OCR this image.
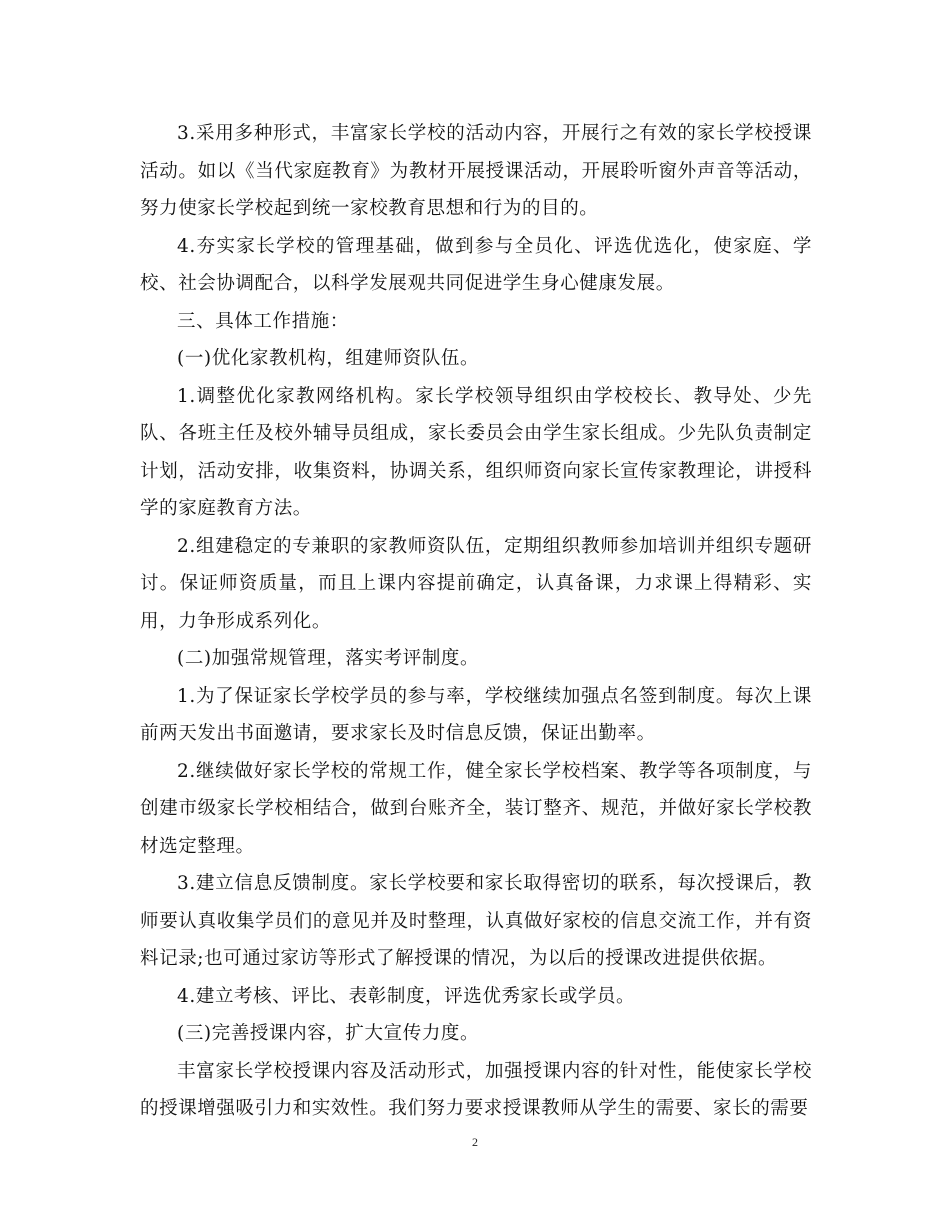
3.采用多种形式，丰富家长学校的活动内容，开展行之有效的家长学校授课活动。如以《当代家庭教育》为教材开展授课活动，开展聆听窗外声音等活动，努力使家长学校起到统一家校教育思想和行为的目的。

4.夯实家长学校的管理基础，做到参与全员化、评选优选化，使家庭、学校、社会协调配合，以科学发展观共同促进学生身心健康发展。

三、具体工作措施：

(一)优化家教机构，组建师资队伍。

1.调整优化家教网络机构。家长学校领导组织由学校校长、教导处、少先队、各班主任及校外辅导员组成，家长委员会由学生家长组成。少先队负责制定计划，活动安排，收集资料，协调关系，组织师资向家长宣传家教理论，讲授科学的家庭教育方法。

2.组建稳定的专兼职的家教师资队伍，定期组织教师参加培训并组织专题研讨。保证师资质量，而且上课内容提前确定，认真备课，力求课上得精彩、实用，力争形成系列化。

(二)加强常规管理，落实考评制度。

1.为了保证家长学校学员的参与率，学校继续加强点名签到制度。每次上课前两天发出书面邀请，要求家长及时信息反馈，保证出勤率。

2.继续做好家长学校的常规工作，健全家长学校档案、教学等各项制度，与创建市级家长学校相结合，做到台账齐全，装订整齐、规范，并做好家长学校教材选定整理。

3.建立信息反馈制度。家长学校要和家长取得密切的联系，每次授课后，教师要认真收集学员们的意见并及时整理，认真做好家校的信息交流工作，并有资料记录;也可通过家访等形式了解授课的情况，为以后的授课改进提供依据。

4.建立考核、评比、表彰制度，评选优秀家长或学员。

(三)完善授课内容，扩大宣传力度。

丰富家长学校授课内容及活动形式，加强授课内容的针对性，能使家长学校的授课增强吸引力和实效性。我们努力要求授课教师从学生的需要、家长的需要

2
